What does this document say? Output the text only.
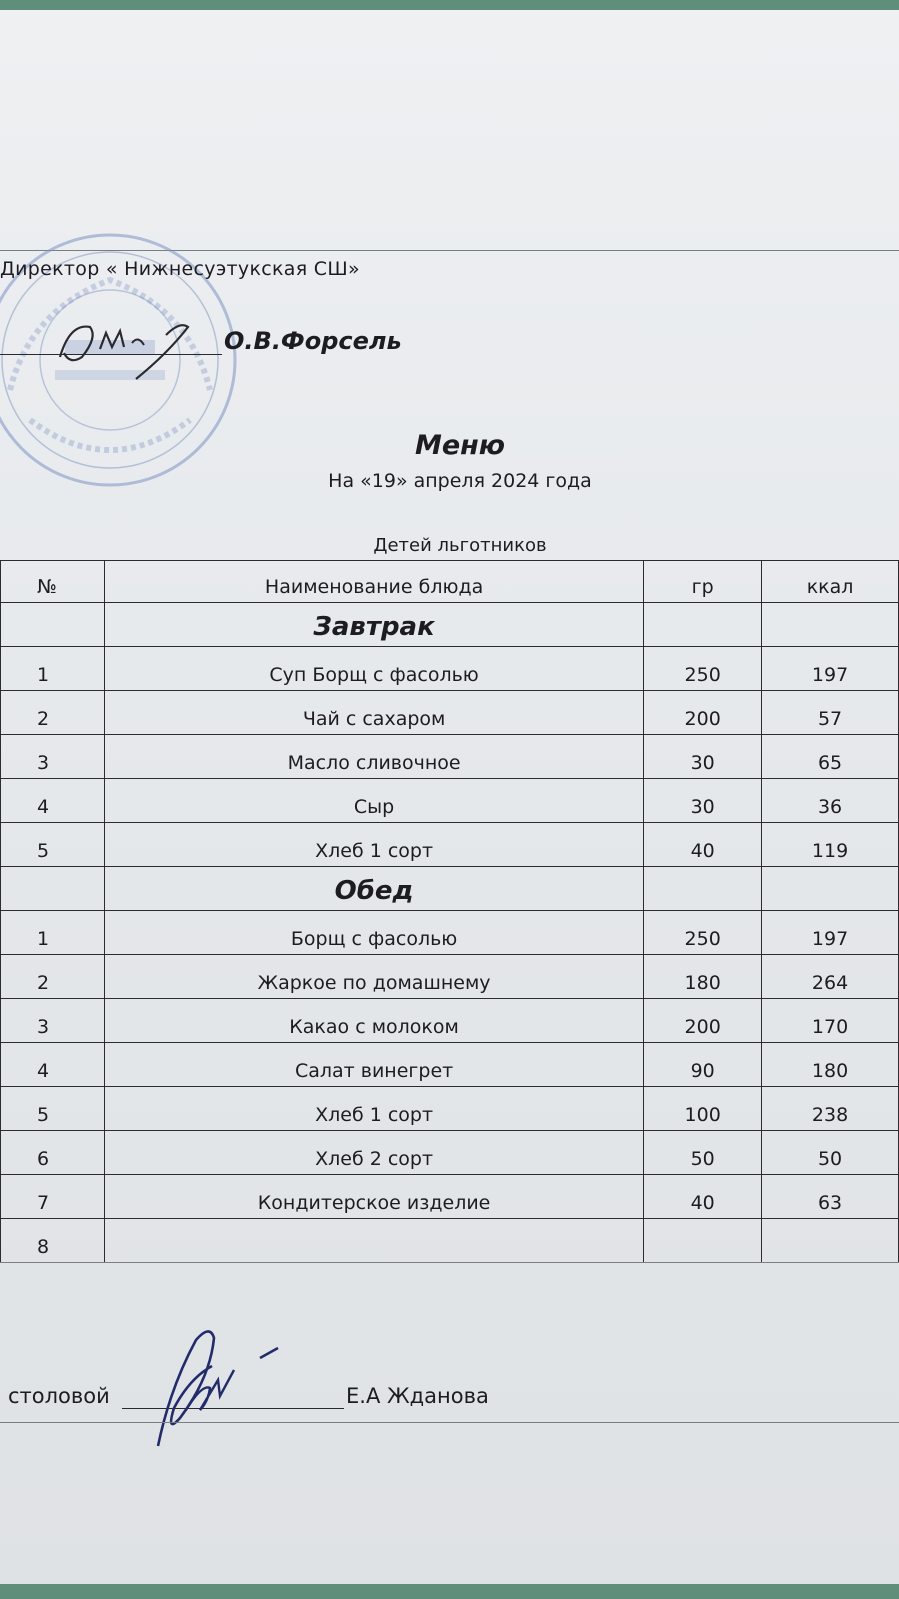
Директор « Нижнесуэтукская СШ»
О.В.Форсель
Меню
На «19» апреля 2024 года
Детей льготников
№	Наименование блюда	гр	ккал
	Завтрак		
1	Суп Борщ с фасолью	250	197
2	Чай с сахаром	200	57
3	Масло сливочное	30	65
4	Сыр	30	36
5	Хлеб 1 сорт	40	119
	Обед		
1	Борщ с фасолью	250	197
2	Жаркое по домашнему	180	264
3	Какао с молоком	200	170
4	Салат винегрет	90	180
5	Хлеб 1 сорт	100	238
6	Хлеб 2 сорт	50	50
7	Кондитерское изделие	40	63
8			
столовой	Е.А Жданова
